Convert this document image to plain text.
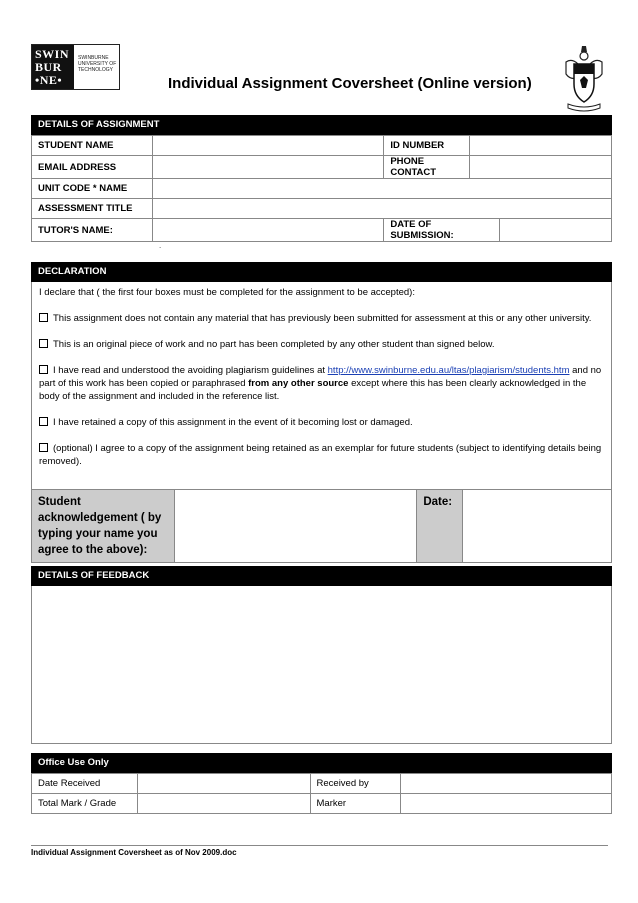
SWIN
BUR
•NE•
SWINBURNE
UNIVERSITY OF
TECHNOLOGY
Individual Assignment Coversheet (Online version)
DETAILS OF ASSIGNMENT
STUDENT NAME		ID NUMBER		
EMAIL ADDRESS		PHONE CONTACT		
UNIT CODE * NAME				
ASSESSMENT TITLE				
TUTOR'S NAME:		DATE OF SUBMISSION:		
.
DECLARATION

I declare that ( the first four boxes must be completed for the assignment to be accepted):

This assignment does not contain any material that has previously been submitted for assessment at this or any other university.

This is an original piece of work and no part has been completed by any other student than signed below.

I have read and understood the avoiding plagiarism guidelines at http://www.swinburne.edu.au/ltas/plagiarism/students.htm and no part of this work has been copied or paraphrased from any other source except where this has been clearly acknowledged in the body of the assignment and included in the reference list.

I have retained a copy of this assignment in the event of it becoming lost or damaged.

(optional) I agree to a copy of the assignment being retained as an exemplar for future students (subject to identifying details being removed).

Student acknowledgement ( by typing your name you agree to the above):		Date:	
DETAILS OF FEEDBACK
Office Use Only
Date Received		Received by	
Total Mark / Grade		Marker	
Individual Assignment Coversheet as of Nov 2009.doc
